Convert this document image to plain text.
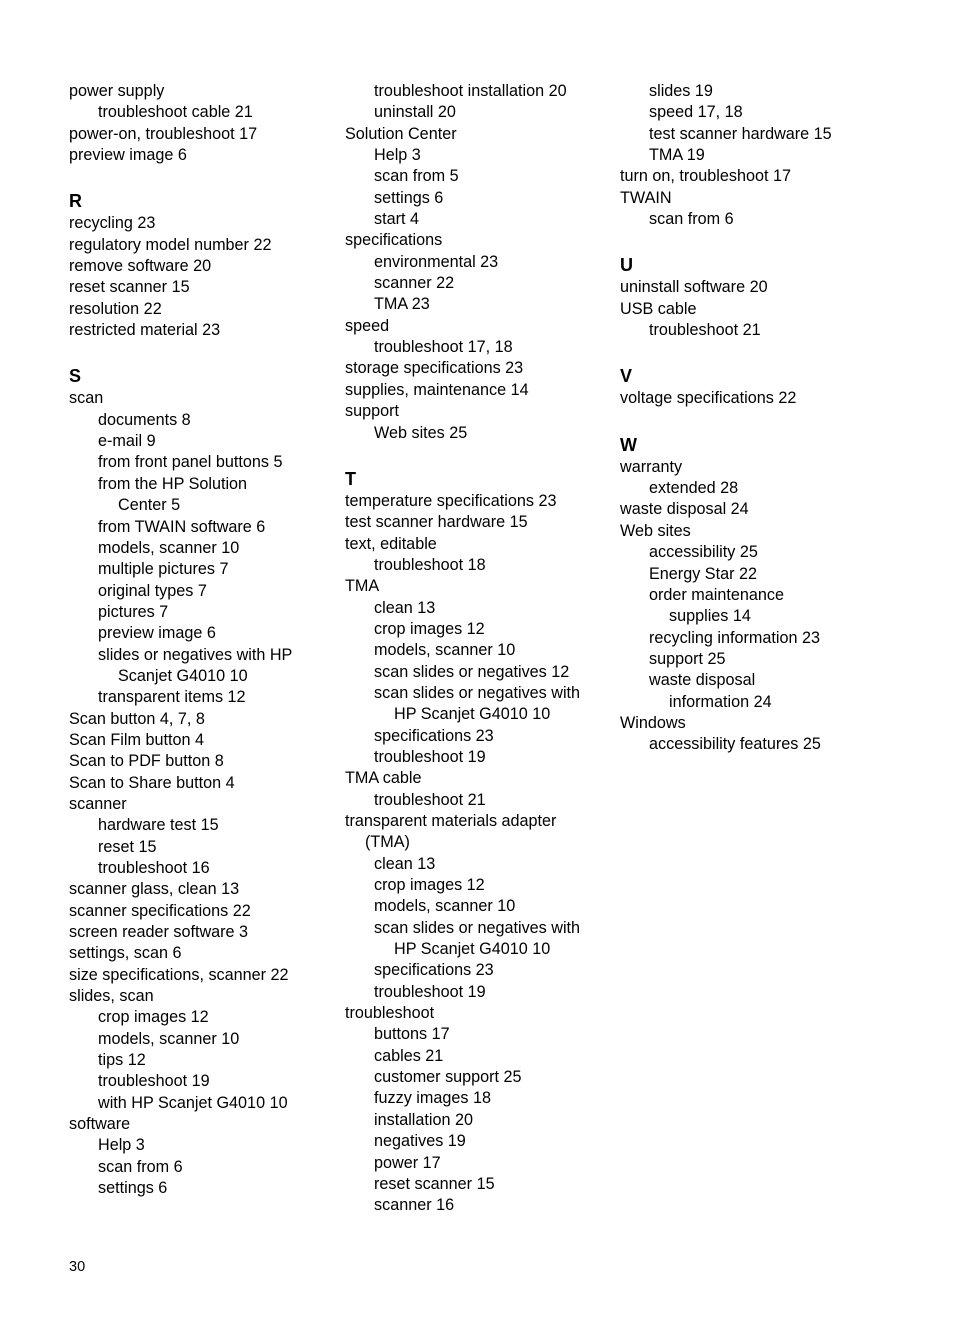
power supply
troubleshoot cable 21
power-on, troubleshoot 17
preview image 6
R
recycling 23
regulatory model number 22
remove software 20
reset scanner 15
resolution 22
restricted material 23
S
scan
documents 8
e-mail 9
from front panel buttons 5
from the HP Solution
Center 5
from TWAIN software 6
models, scanner 10
multiple pictures 7
original types 7
pictures 7
preview image 6
slides or negatives with HP
Scanjet G4010 10
transparent items 12
Scan button 4, 7, 8
Scan Film button 4
Scan to PDF button 8
Scan to Share button 4
scanner
hardware test 15
reset 15
troubleshoot 16
scanner glass, clean 13
scanner specifications 22
screen reader software 3
settings, scan 6
size specifications, scanner 22
slides, scan
crop images 12
models, scanner 10
tips 12
troubleshoot 19
with HP Scanjet G4010 10
software
Help 3
scan from 6
settings 6
troubleshoot installation 20
uninstall 20
Solution Center
Help 3
scan from 5
settings 6
start 4
specifications
environmental 23
scanner 22
TMA 23
speed
troubleshoot 17, 18
storage specifications 23
supplies, maintenance 14
support
Web sites 25
T
temperature specifications 23
test scanner hardware 15
text, editable
troubleshoot 18
TMA
clean 13
crop images 12
models, scanner 10
scan slides or negatives 12
scan slides or negatives with
HP Scanjet G4010 10
specifications 23
troubleshoot 19
TMA cable
troubleshoot 21
transparent materials adapter
(TMA)
clean 13
crop images 12
models, scanner 10
scan slides or negatives with
HP Scanjet G4010 10
specifications 23
troubleshoot 19
troubleshoot
buttons 17
cables 21
customer support 25
fuzzy images 18
installation 20
negatives 19
power 17
reset scanner 15
scanner 16
slides 19
speed 17, 18
test scanner hardware 15
TMA 19
turn on, troubleshoot 17
TWAIN
scan from 6
U
uninstall software 20
USB cable
troubleshoot 21
V
voltage specifications 22
W
warranty
extended 28
waste disposal 24
Web sites
accessibility 25
Energy Star 22
order maintenance
supplies 14
recycling information 23
support 25
waste disposal
information 24
Windows
accessibility features 25
30
